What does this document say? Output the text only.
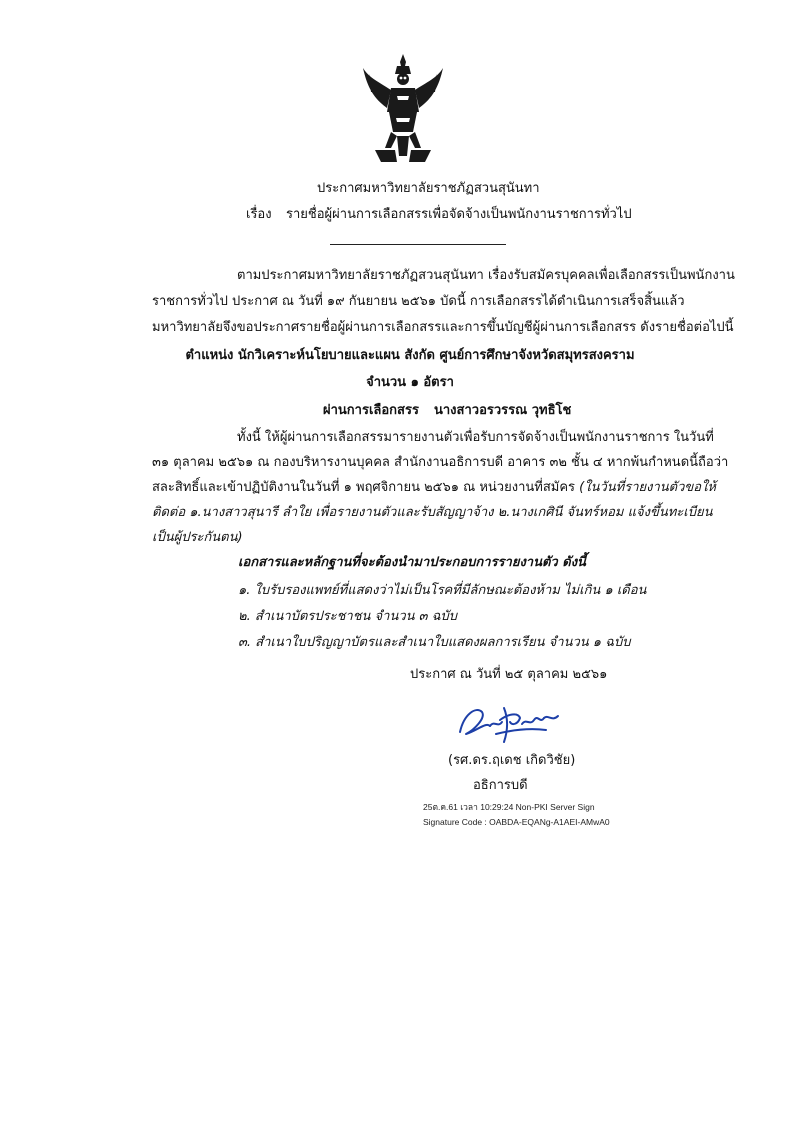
ประกาศมหาวิทยาลัยราชภัฏสวนสุนันทา
เรื่อง รายชื่อผู้ผ่านการเลือกสรรเพื่อจัดจ้างเป็นพนักงานราชการทั่วไป
ตามประกาศมหาวิทยาลัยราชภัฏสวนสุนันทา เรื่องรับสมัครบุคคลเพื่อเลือกสรรเป็นพนักงาน
ราชการทั่วไป ประกาศ ณ วันที่ ๑๙ กันยายน ๒๕๖๑ บัดนี้ การเลือกสรรได้ดำเนินการเสร็จสิ้นแล้ว
มหาวิทยาลัยจึงขอประกาศรายชื่อผู้ผ่านการเลือกสรรและการขึ้นบัญชีผู้ผ่านการเลือกสรร ดังรายชื่อต่อไปนี้
ตำแหน่ง นักวิเคราะห์นโยบายและแผน สังกัด ศูนย์การศึกษาจังหวัดสมุทรสงคราม
จำนวน ๑ อัตรา
ผ่านการเลือกสรร นางสาวอรวรรณ วุทธิโช
ทั้งนี้ ให้ผู้ผ่านการเลือกสรรมารายงานตัวเพื่อรับการจัดจ้างเป็นพนักงานราชการ ในวันที่
๓๑ ตุลาคม ๒๕๖๑ ณ กองบริหารงานบุคคล สำนักงานอธิการบดี อาคาร ๓๒ ชั้น ๔ หากพ้นกำหนดนี้ถือว่า
สละสิทธิ์และเข้าปฏิบัติงานในวันที่ ๑ พฤศจิกายน ๒๕๖๑ ณ หน่วยงานที่สมัคร (ในวันที่รายงานตัวขอให้
ติดต่อ ๑.นางสาวสุนารี ลำใย เพื่อรายงานตัวและรับสัญญาจ้าง ๒.นางเกศินี จันทร์หอม แจ้งขึ้นทะเบียน
เป็นผู้ประกันตน)
เอกสารและหลักฐานที่จะต้องนำมาประกอบการรายงานตัว ดังนี้
๑. ใบรับรองแพทย์ที่แสดงว่าไม่เป็นโรคที่มีลักษณะต้องห้าม ไม่เกิน ๑ เดือน
๒. สำเนาบัตรประชาชน จำนวน ๓ ฉบับ
๓. สำเนาใบปริญญาบัตรและสำเนาใบแสดงผลการเรียน จำนวน ๑ ฉบับ
ประกาศ ณ วันที่ ๒๕ ตุลาคม ๒๕๖๑
(รศ.ดร.ฤเดช เกิดวิชัย)
อธิการบดี
25ต.ค.61 เวลา 10:29:24 Non-PKI Server Sign
Signature Code : OABDA-EQANg-A1AEI-AMwA0
